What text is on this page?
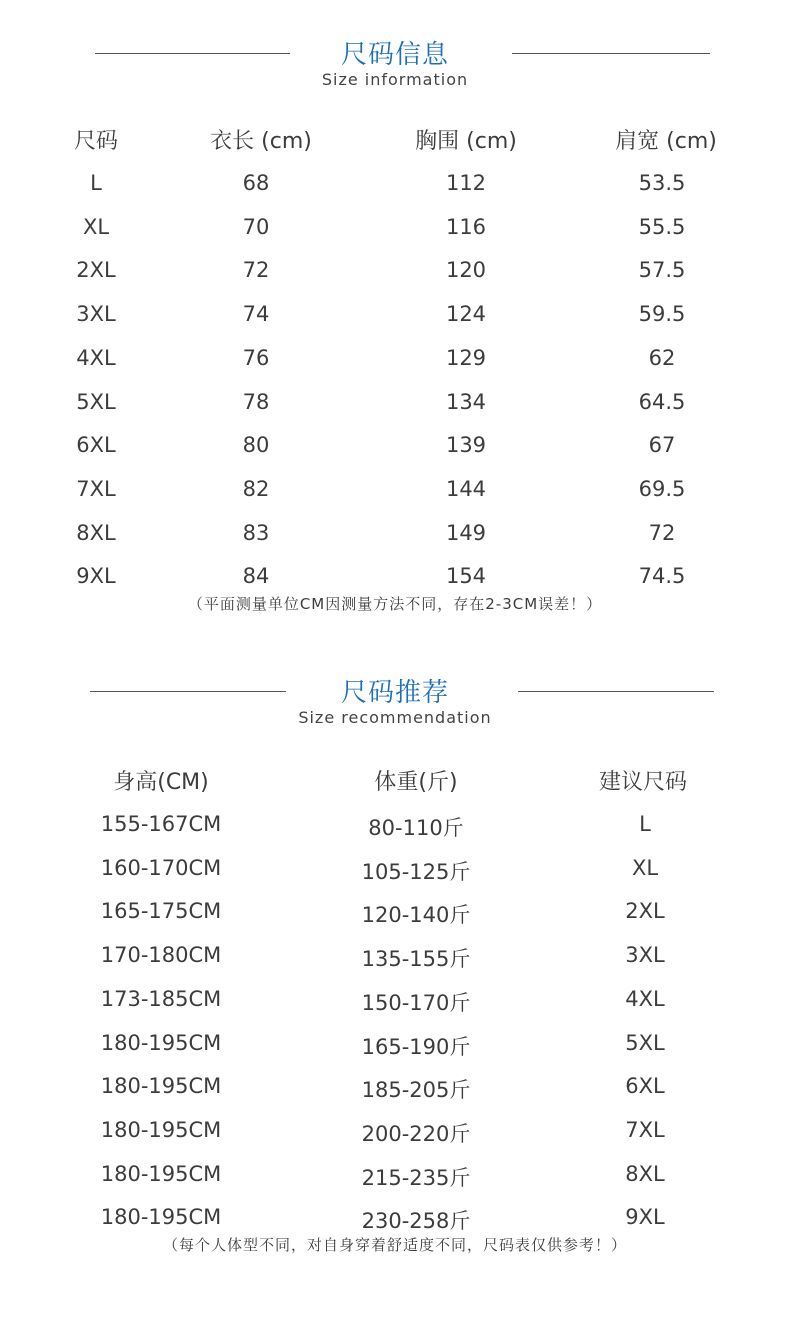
尺码信息
Size information
尺码	衣长 (cm)	胸围 (cm)	肩宽 (cm)
L	68	112	53.5
XL	70	116	55.5
2XL	72	120	57.5
3XL	74	124	59.5
4XL	76	129	62
5XL	78	134	64.5
6XL	80	139	67
7XL	82	144	69.5
8XL	83	149	72
9XL	84	154	74.5
（平面测量单位CM因测量方法不同，存在2-3CM误差！）
尺码推荐
Size recommendation
身高(CM)	体重(斤)	建议尺码
155-167CM	80-110斤	L
160-170CM	105-125斤	XL
165-175CM	120-140斤	2XL
170-180CM	135-155斤	3XL
173-185CM	150-170斤	4XL
180-195CM	165-190斤	5XL
180-195CM	185-205斤	6XL
180-195CM	200-220斤	7XL
180-195CM	215-235斤	8XL
180-195CM	230-258斤	9XL
（每个人体型不同，对自身穿着舒适度不同，尺码表仅供参考！）
